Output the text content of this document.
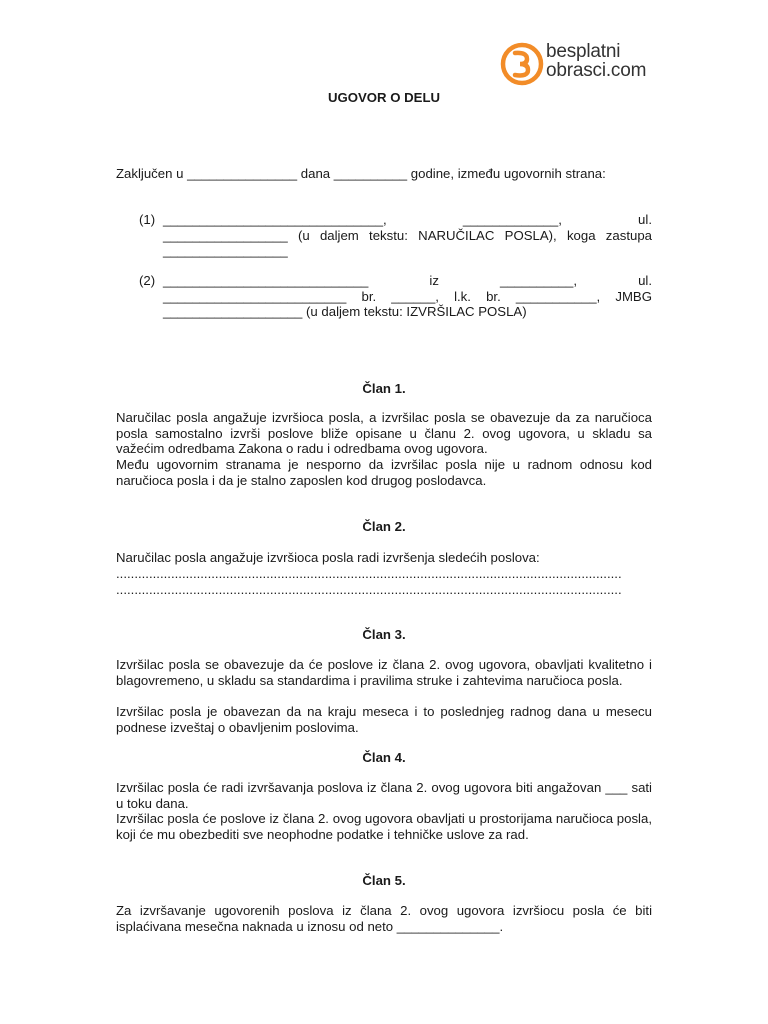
besplatni
obrasci.com
UGOVOR O DELU
Zaključen u _______________ dana __________ godine, između ugovornih strana:
(1) ______________________________, _____________, ul.
_________________ (u daljem tekstu: NARUČILAC POSLA), koga zastupa
_________________
(2) ____________________________ iz __________, ul.
_________________________ br. ______, l.k. br. ___________, JMBG
___________________ (u daljem tekstu: IZVRŠILAC POSLA)
Član 1.
Naručilac posla angažuje izvršioca posla, a izvršilac posla se obavezuje da za naručioca posla samostalno izvrši poslove bliže opisane u članu 2. ovog ugovora, u skladu sa važećim odredbama Zakona o radu i odredbama ovog ugovora.
Među ugovornim stranama je nesporno da izvršilac posla nije u radnom odnosu kod naručioca posla i da je stalno zaposlen kod drugog poslodavca.
Član 2.
Naručilac posla angažuje izvršioca posla radi izvršenja sledećih poslova:
..........................................................................................................................................
..........................................................................................................................................
Član 3.
Izvršilac posla se obavezuje da će poslove iz člana 2. ovog ugovora, obavljati kvalitetno i blagovremeno, u skladu sa standardima i pravilima struke i zahtevima naručioca posla.
Izvršilac posla je obavezan da na kraju meseca i to poslednjeg radnog dana u mesecu podnese izveštaj o obavljenim poslovima.
Član 4.
Izvršilac posla će radi izvršavanja poslova iz člana 2. ovog ugovora biti angažovan ___ sati u toku dana.
Izvršilac posla će poslove iz člana 2. ovog ugovora obavljati u prostorijama naručioca posla, koji će mu obezbediti sve neophodne podatke i tehničke uslove za rad.
Član 5.
Za izvršavanje ugovorenih poslova iz člana 2. ovog ugovora izvršiocu posla će biti isplaćivana mesečna naknada u iznosu od neto ______________.
